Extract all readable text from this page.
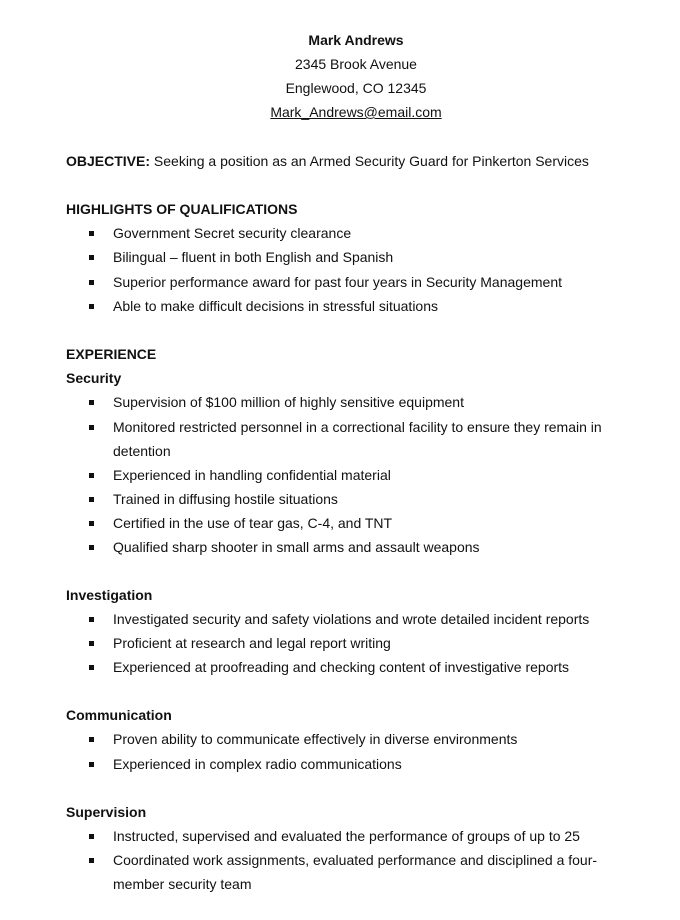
Mark Andrews
2345 Brook Avenue
Englewood, CO 12345
Mark_Andrews@email.com
OBJECTIVE: Seeking a position as an Armed Security Guard for Pinkerton Services
HIGHLIGHTS OF QUALIFICATIONS
Government Secret security clearance
Bilingual – fluent in both English and Spanish
Superior performance award for past four years in Security Management
Able to make difficult decisions in stressful situations
EXPERIENCE
Security
Supervision of $100 million of highly sensitive equipment
Monitored restricted personnel in a correctional facility to ensure they remain in detention
Experienced in handling confidential material
Trained in diffusing hostile situations
Certified in the use of tear gas, C-4, and TNT
Qualified sharp shooter in small arms and assault weapons
Investigation
Investigated security and safety violations and wrote detailed incident reports
Proficient at research and legal report writing
Experienced at proofreading and checking content of investigative reports
Communication
Proven ability to communicate effectively in diverse environments
Experienced in complex radio communications
Supervision
Instructed, supervised and evaluated the performance of groups of up to 25
Coordinated work assignments, evaluated performance and disciplined a four-member security team
